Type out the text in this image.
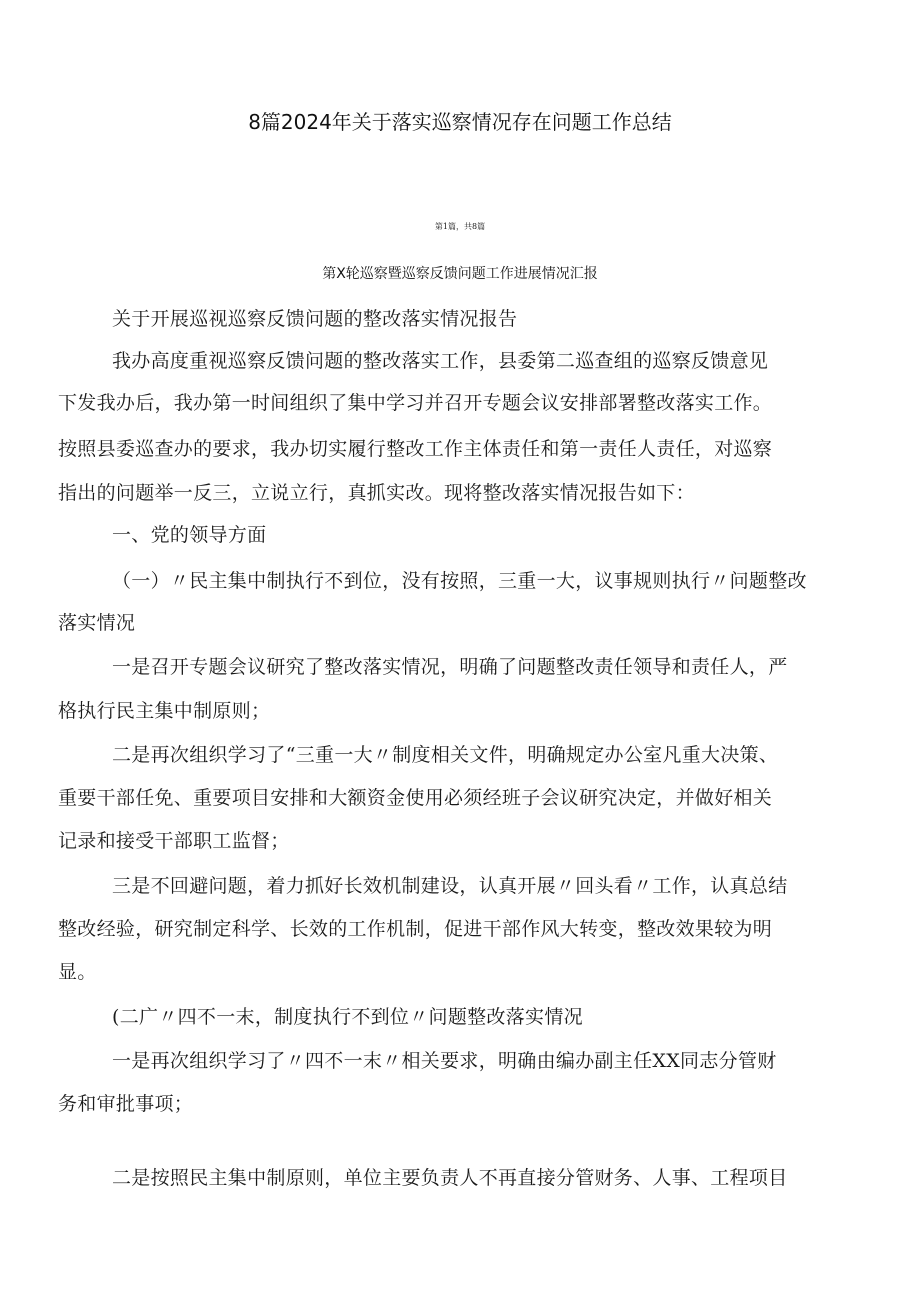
8篇2024年关于落实巡察情况存在问题工作总结
第1篇，共8篇
第X轮巡察暨巡察反馈问题工作进展情况汇报
关于开展巡视巡察反馈问题的整改落实情况报告
我办高度重视巡察反馈问题的整改落实工作，县委第二巡查组的巡察反馈意见
下发我办后，我办第一时间组织了集中学习并召开专题会议安排部署整改落实工作。
按照县委巡查办的要求，我办切实履行整改工作主体责任和第一责任人责任，对巡察
指出的问题举一反三，立说立行，真抓实改。现将整改落实情况报告如下：
一、党的领导方面
（一）〃民主集中制执行不到位，没有按照，三重一大，议事规则执行〃问题整改
落实情况
一是召开专题会议研究了整改落实情况，明确了问题整改责任领导和责任人，严
格执行民主集中制原则；
二是再次组织学习了“三重一大〃制度相关文件，明确规定办公室凡重大决策、
重要干部任免、重要项目安排和大额资金使用必须经班子会议研究决定，并做好相关
记录和接受干部职工监督；
三是不回避问题，着力抓好长效机制建设，认真开展〃回头看〃工作，认真总结
整改经验，研究制定科学、长效的工作机制，促进干部作风大转变，整改效果较为明
显。
(二广〃四不一末，制度执行不到位〃问题整改落实情况
一是再次组织学习了〃四不一末〃相关要求，明确由编办副主任XX同志分管财
务和审批事项；
二是按照民主集中制原则，单位主要负责人不再直接分管财务、人事、工程项目
